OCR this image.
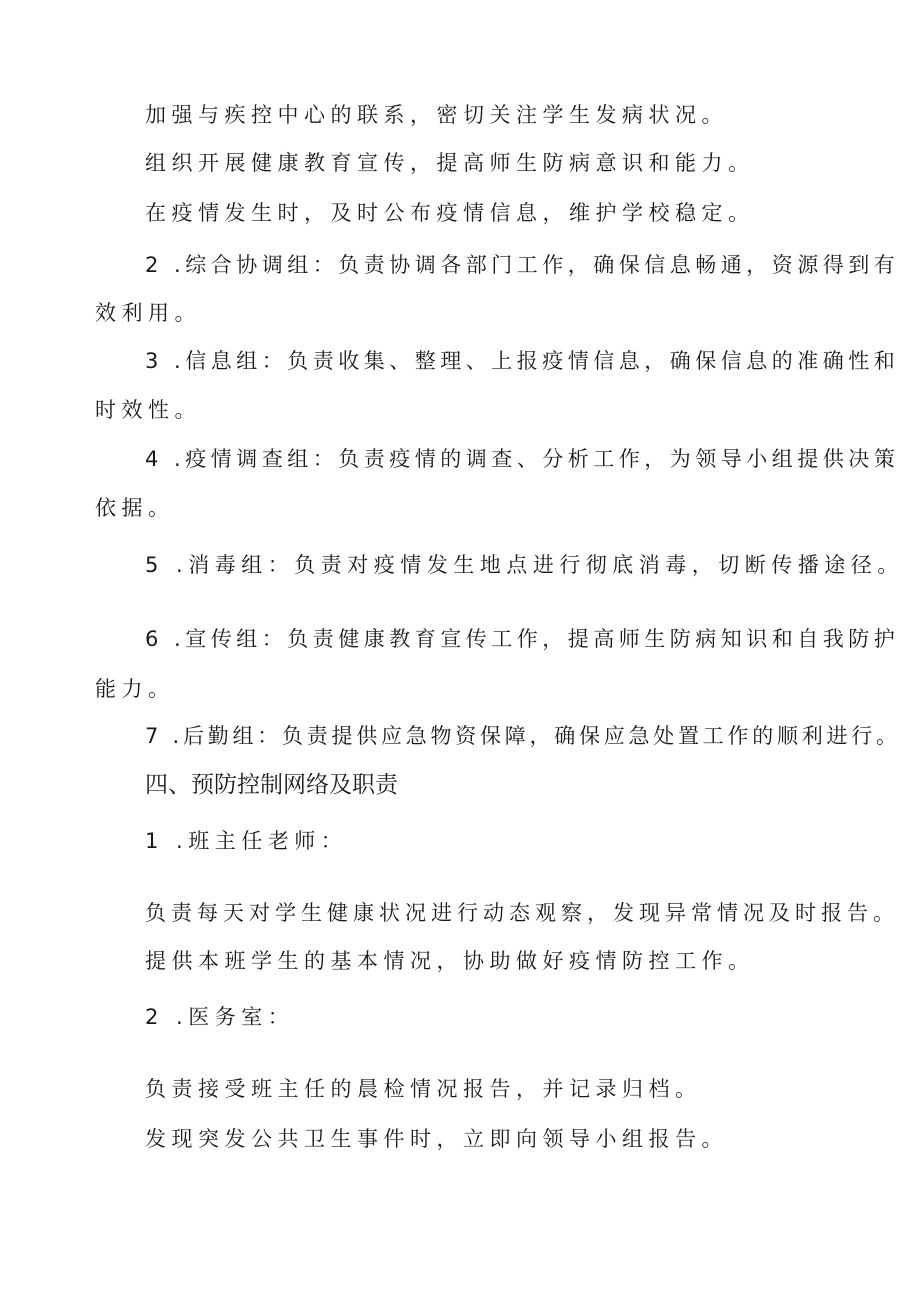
加强与疾控中心的联系，密切关注学生发病状况。
组织开展健康教育宣传，提高师生防病意识和能力。
在疫情发生时，及时公布疫情信息，维护学校稳定。
2 .综合协调组：负责协调各部门工作，确保信息畅通，资源得到有
效利用。
3 .信息组：负责收集、整理、上报疫情信息，确保信息的准确性和
时效性。
4 .疫情调查组：负责疫情的调查、分析工作，为领导小组提供决策
依据。
5 .消毒组：负责对疫情发生地点进行彻底消毒，切断传播途径。
6 .宣传组：负责健康教育宣传工作，提高师生防病知识和自我防护
能力。
7 .后勤组：负责提供应急物资保障，确保应急处置工作的顺利进行。
四、预防控制网络及职责
1 .班主任老师：
负责每天对学生健康状况进行动态观察，发现异常情况及时报告。
提供本班学生的基本情况，协助做好疫情防控工作。
2 .医务室：
负责接受班主任的晨检情况报告，并记录归档。
发现突发公共卫生事件时，立即向领导小组报告。
